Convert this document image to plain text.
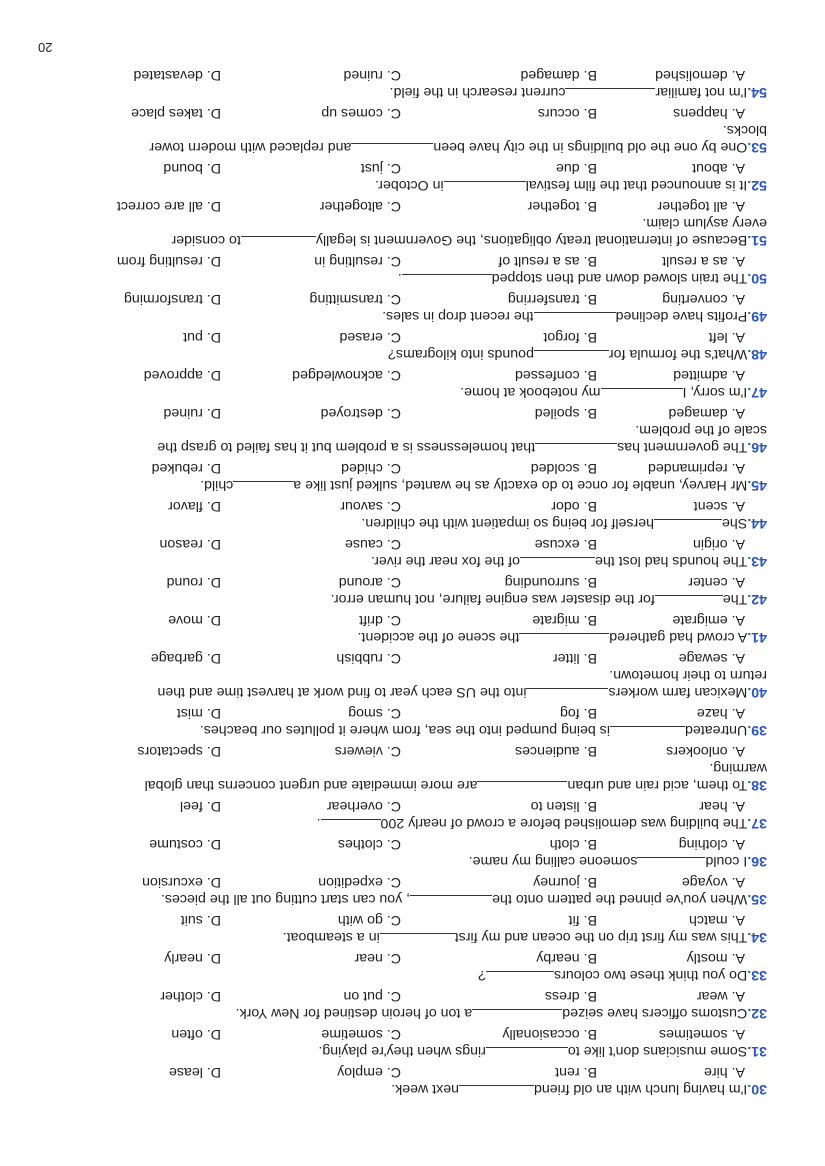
30.I'm having lunch with an old friendnext week.

A. hire
B. rent
C. employ
D. lease

31.Some musicians don't like torings when they're playing.

A. sometimes
B. occasionally
C. sometime
D. often

32.Customs officers have seizeda ton of heroin destined for New York.

A. wear
B. dress
C. put on
D. clother

33.Do you think these two colours?

A. mostly
B. nearby
C. near
D. nearly

34.This was my first trip on the ocean and my firstin a steamboat.

A. match
B. fit
C. go with
D. suit

35.When you've pinned the pattern onto the, you can start cutting out all the pieces.

A. voyage
B. journey
C. expedition
D. excursion

36.I couldsomeone calling my name.

A. clothing
B. cloth
C. clothes
D. costume

37.The building was demolished before a crowd of nearly 200.

A. hear
B. listen to
C. overhear
D. feel

38.To them, acid rain and urbanare more immediate and urgent concerns than global
warming.

A. onlookers
B. audiences
C. viewers
D. spectators

39.Untreatedis being pumped into the sea, from where it pollutes our beaches.

A. haze
B. fog
C. smog
D. mist

40.Mexican farm workersinto the US each year to find work at harvest time and then
return to their hometown.

A. sewage
B. litter
C. rubbish
D. garbage

41.A crowd had gatheredthe scene of the accident.

A. emigrate
B. migrate
C. drift
D. move

42.Thefor the disaster was engine failure, not human error.

A. center
B. surrounding
C. around
D. round

43.The hounds had lost theof the fox near the river.

A. origin
B. excuse
C. cause
D. reason

44.Sheherself for being so impatient with the children.

A. scent
B. odor
C. savour
D. flavor

45.Mr Harvey, unable for once to do exactly as he wanted, sulked just like achild.

A. reprimanded
B. scolded
C. chided
D. rebuked

46.The government hasthat homelessness is a problem but it has failed to grasp the
scale of the problem.

A. damaged
B. spoiled
C. destroyed
D. ruined

47.I'm sorry, Imy notebook at home.

A. admitted
B. confessed
C. acknowledged
D. approved

48.What's the formula forpounds into kilograms?

A. left
B. forgot
C. erased
D. put

49.Profits have declinedthe recent drop in sales.

A. converting
B. transferring
C. transmitting
D. transforming

50.The train slowed down and then stopped.

A. as a result
B. as a result of
C. resulting in
D. resulting from

51.Because of international treaty obligations, the Government is legallyto consider
every asylum claim.

A. all together
B. together
C. altogether
D. all are correct

52.It is announced that the film festivalin October.

A. about
B. due
C. just
D. bound

53.One by one the old buildings in the city have beenand replaced with modern tower
blocks.

A. happens
B. occurs
C. comes up
D. takes place

54.I'm not familiarcurrent research in the field.

A. demolished
B. damaged
C. ruined
D. devastated
20
